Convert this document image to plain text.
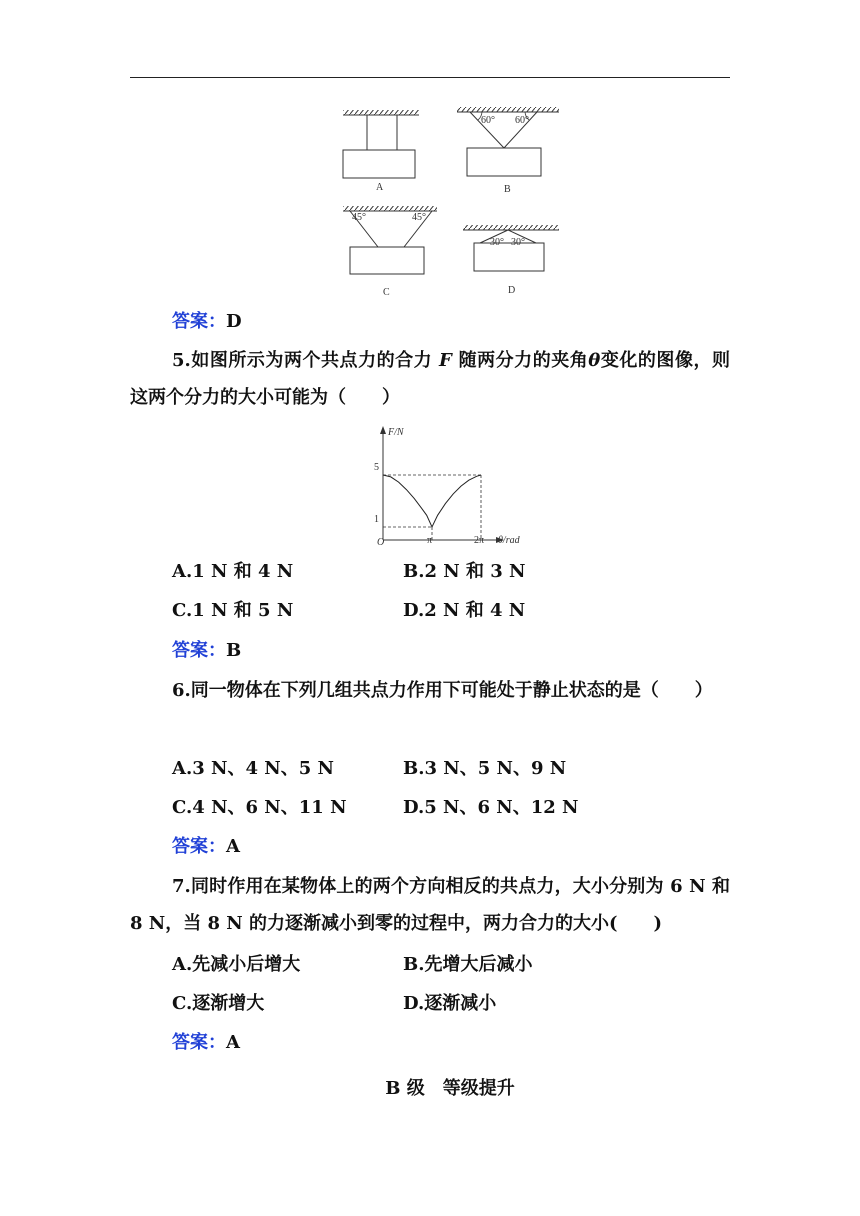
A
60° 60°
B
45°	45°
C
30° 30°
D
答案：D
5.如图所示为两个共点力的合力 F 随两分力的夹角θ变化的图像，则这两个分力的大小可能为（　　）
F/N
θ/rad
O
1
5
π	2π
A.1 N 和 4 N	B.2 N 和 3 N
C.1 N 和 5 N	D.2 N 和 4 N
答案：B
6.同一物体在下列几组共点力作用下可能处于静止状态的是（　　）
A.3 N、4 N、5 N	B.3 N、5 N、9 N
C.4 N、6 N、11 N	D.5 N、6 N、12 N
答案：A
7.同时作用在某物体上的两个方向相反的共点力，大小分别为 6 N 和 8 N，当 8 N 的力逐渐减小到零的过程中，两力合力的大小(　　)
A.先减小后增大	B.先增大后减小
C.逐渐增大	D.逐渐减小
答案：A
B 级　等级提升
